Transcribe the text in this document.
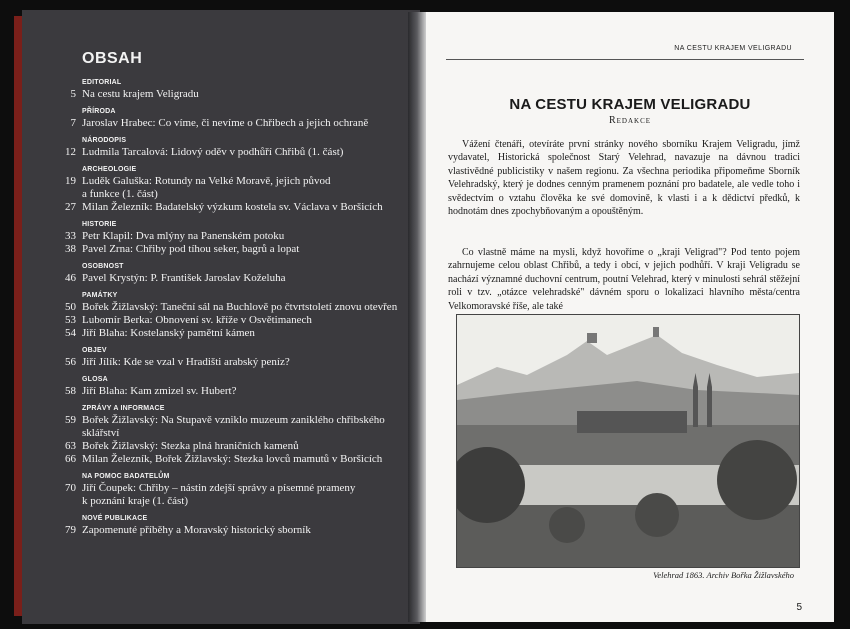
OBSAH
EDITORIAL
5 Na cestu krajem Veligradu
PŘÍRODA
7 Jaroslav Hrabec: Co víme, či nevíme o Chřibech a jejich ochraně
NÁRODOPIS
12 Ludmila Tarcalová: Lidový oděv v podhůří Chřibů (1. část)
ARCHEOLOGIE
19 Luděk Galuška: Rotundy na Velké Moravě, jejich původ
a funkce (1. část)
27 Milan Železník: Badatelský výzkum kostela sv. Václava v Boršicích
HISTORIE
33 Petr Klapil: Dva mlýny na Panenském potoku
38 Pavel Zrna: Chřiby pod tíhou seker, bagrů a lopat
OSOBNOST
46 Pavel Krystýn: P. František Jaroslav Koželuha
PAMÁTKY
50 Bořek Žižlavský: Taneční sál na Buchlově po čtvrtstoletí znovu otevřen
53 Lubomír Berka: Obnovení sv. kříže v Osvětimanech
54 Jiří Blaha: Kostelanský pamětní kámen
OBJEV
56 Jiří Jílík: Kde se vzal v Hradišti arabský peníz?
GLOSA
58 Jiří Blaha: Kam zmizel sv. Hubert?
ZPRÁVY A INFORMACE
59 Bořek Žižlavský: Na Stupavě vzniklo muzeum zaniklého chřibského
sklářství
63 Bořek Žižlavský: Stezka plná hraničních kamenů
66 Milan Železník, Bořek Žižlavský: Stezka lovců mamutů v Boršicích
NA POMOC BADATELŮM
70 Jiří Čoupek: Chřiby – nástin zdejší správy a písemné prameny
k poznání kraje (1. část)
NOVÉ PUBLIKACE
79 Zapomenuté příběhy a Moravský historický sborník
NA CESTU KRAJEM VELIGRADU
NA CESTU KRAJEM VELIGRADU
Redakce
Vážení čtenáři, otevíráte první stránky nového sborníku Krajem Veligradu, jímž vydavatel, Historická společnost Starý Velehrad, navazuje na dávnou tradici vlastivědné publicistiky v našem regionu. Za všechna periodika připomeňme Sborník Velehradský, který je dodnes cenným pramenem poznání pro badatele, ale vedle toho i svědectvím o vztahu člověka ke své domovině, k vlasti i a k dědictví předků, k hodnotám dnes zpochybňovaným a opouštěným.
Co vlastně máme na mysli, když hovoříme o „kraji Veligrad"? Pod tento pojem zahrnujeme celou oblast Chřibů, a tedy i obcí, v jejich podhůří. V kraji Veligradu se nachází významné duchovní centrum, poutní Velehrad, který v minulosti sehrál stěžejní roli v tzv. „otázce velehradské" dávném sporu o lokalizaci hlavního města/centra Velkomoravské říše, ale také
Velehrad 1863. Archiv Bořka Žižlavského
5
